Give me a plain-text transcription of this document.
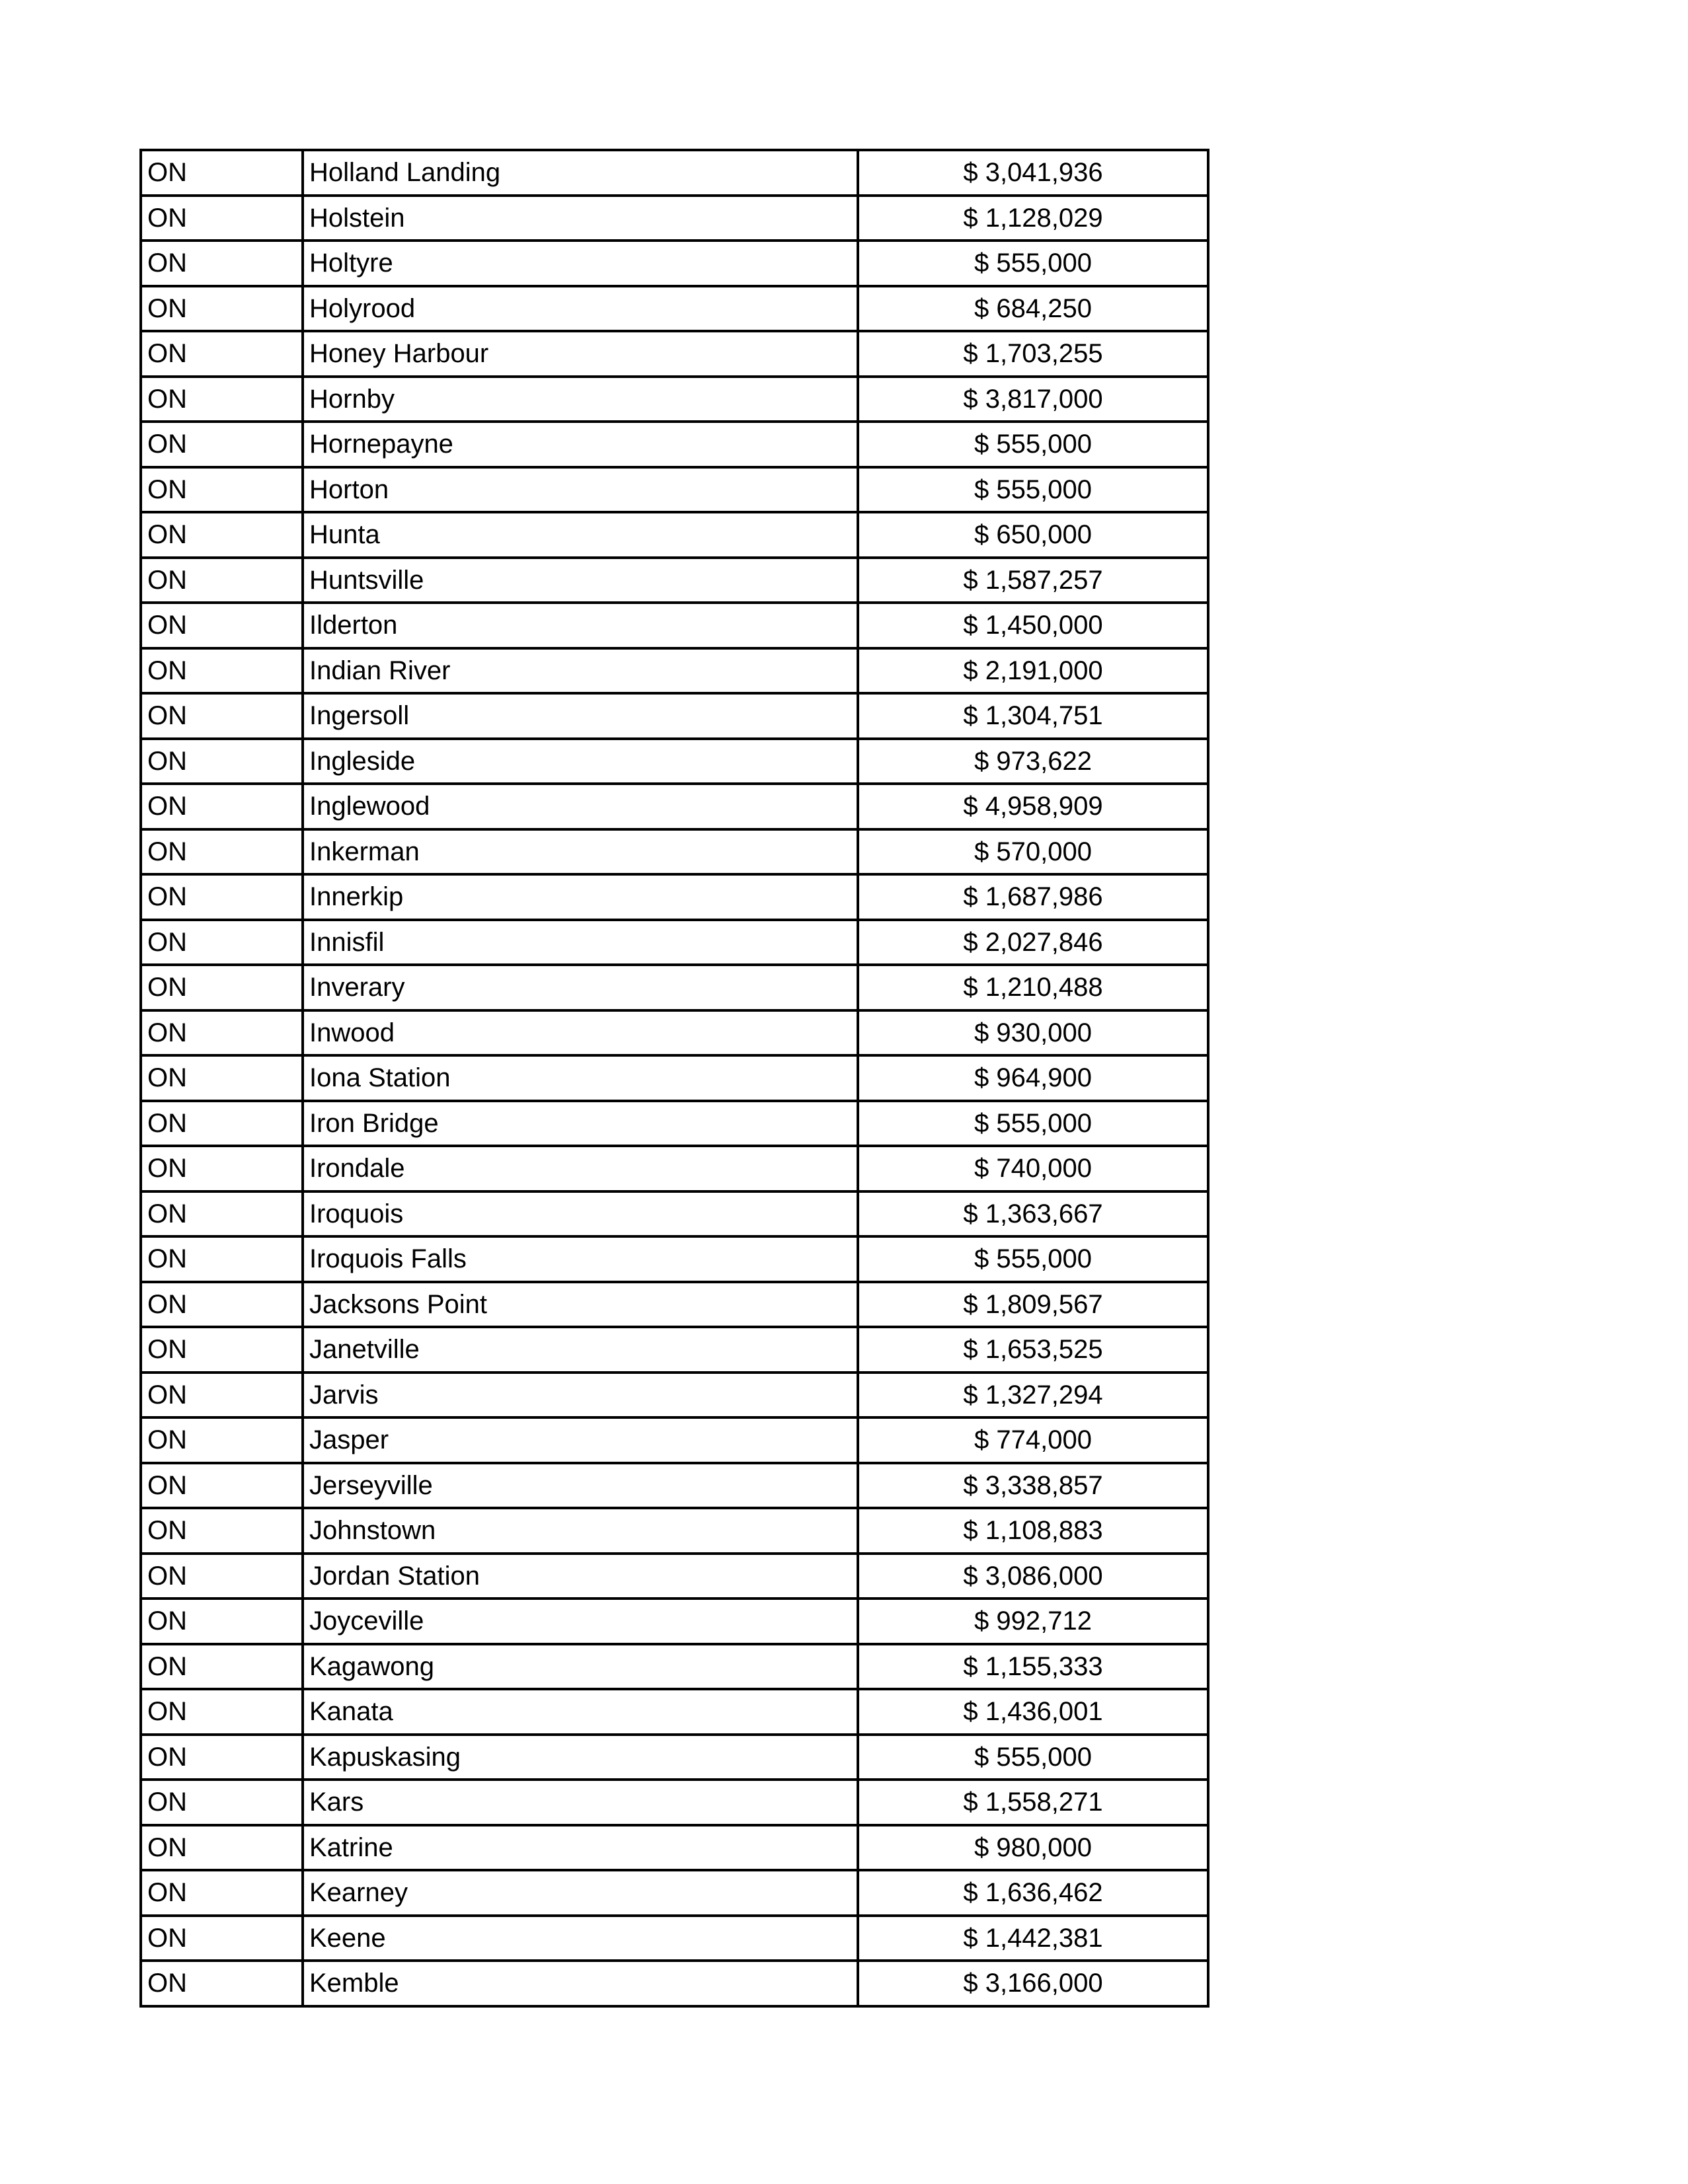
ON	Holland Landing	$ 3,041,936
ON	Holstein	$ 1,128,029
ON	Holtyre	$ 555,000
ON	Holyrood	$ 684,250
ON	Honey Harbour	$ 1,703,255
ON	Hornby	$ 3,817,000
ON	Hornepayne	$ 555,000
ON	Horton	$ 555,000
ON	Hunta	$ 650,000
ON	Huntsville	$ 1,587,257
ON	Ilderton	$ 1,450,000
ON	Indian River	$ 2,191,000
ON	Ingersoll	$ 1,304,751
ON	Ingleside	$ 973,622
ON	Inglewood	$ 4,958,909
ON	Inkerman	$ 570,000
ON	Innerkip	$ 1,687,986
ON	Innisfil	$ 2,027,846
ON	Inverary	$ 1,210,488
ON	Inwood	$ 930,000
ON	Iona Station	$ 964,900
ON	Iron Bridge	$ 555,000
ON	Irondale	$ 740,000
ON	Iroquois	$ 1,363,667
ON	Iroquois Falls	$ 555,000
ON	Jacksons Point	$ 1,809,567
ON	Janetville	$ 1,653,525
ON	Jarvis	$ 1,327,294
ON	Jasper	$ 774,000
ON	Jerseyville	$ 3,338,857
ON	Johnstown	$ 1,108,883
ON	Jordan Station	$ 3,086,000
ON	Joyceville	$ 992,712
ON	Kagawong	$ 1,155,333
ON	Kanata	$ 1,436,001
ON	Kapuskasing	$ 555,000
ON	Kars	$ 1,558,271
ON	Katrine	$ 980,000
ON	Kearney	$ 1,636,462
ON	Keene	$ 1,442,381
ON	Kemble	$ 3,166,000
